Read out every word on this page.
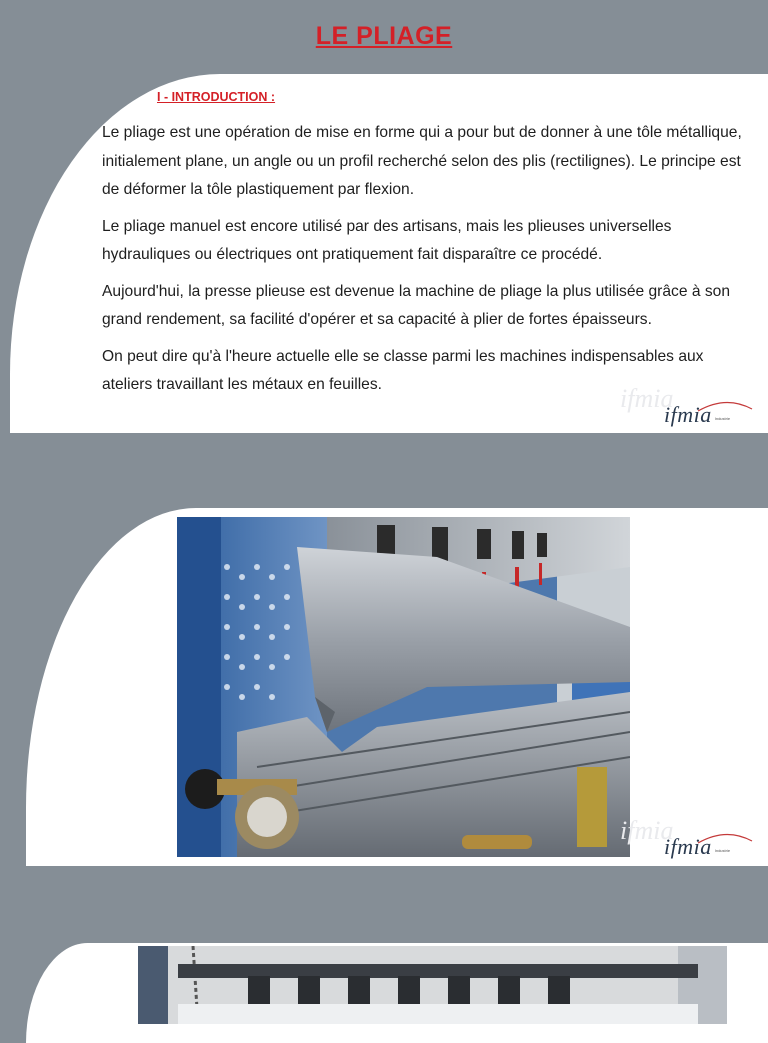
LE PLIAGE
ifmia
I - INTRODUCTION :

Le pliage est une opération de mise en forme qui a pour but de donner à une tôle métallique, initialement plane, un angle ou un profil recherché selon des plis (rectilignes). Le principe est de déformer la tôle plastiquement par flexion.

Le pliage manuel est encore utilisé par des artisans, mais les plieuses universelles hydrauliques ou électriques ont pratiquement fait disparaître ce procédé.

Aujourd'hui, la presse plieuse est devenue la machine de pliage la plus utilisée grâce à son grand rendement, sa facilité d'opérer et sa capacité à plier de fortes épaisseurs.

On peut dire qu'à l'heure actuelle elle se classe parmi les machines indispensables aux ateliers travaillant les métaux en feuilles.

ifmia Industrie
ifmia
ifmia Industrie
